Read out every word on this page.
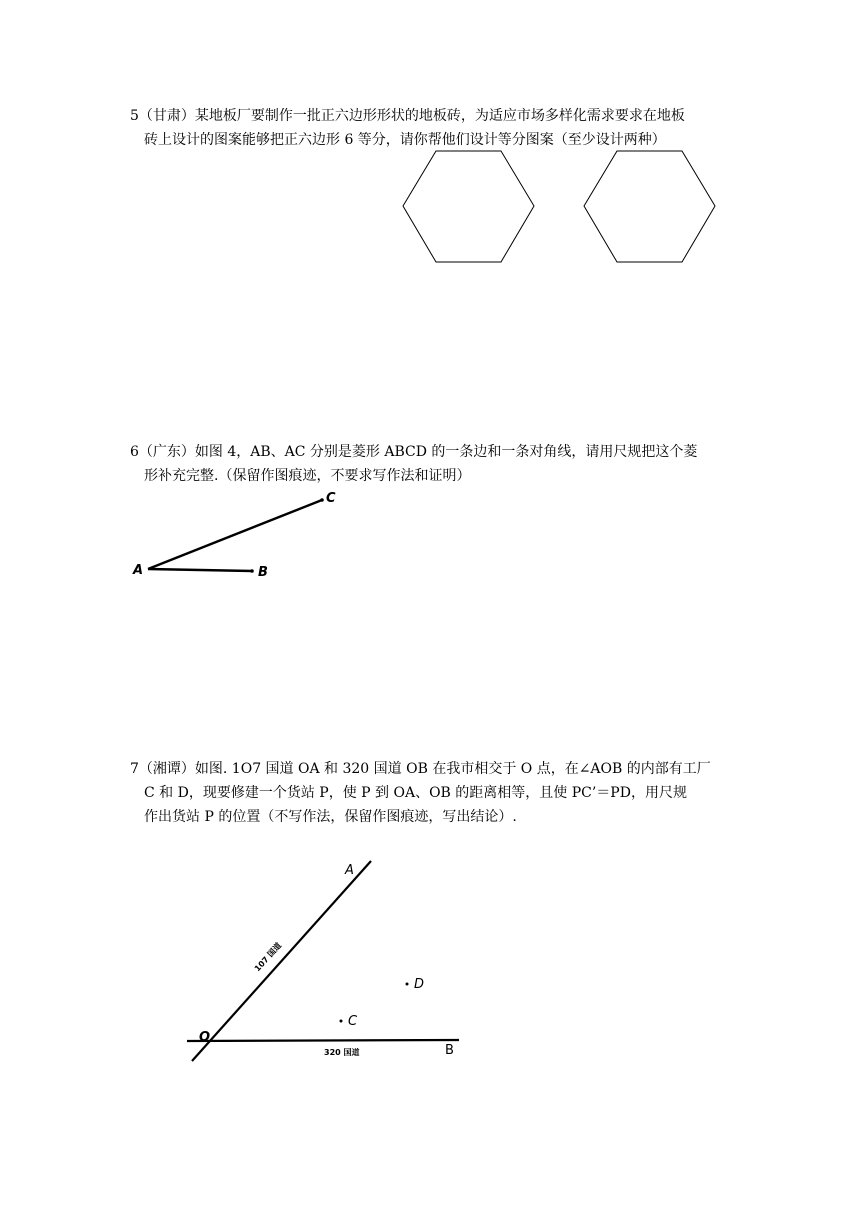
5（甘肃）某地板厂要制作一批正六边形形状的地板砖，为适应市场多样化需求要求在地板
砖上设计的图案能够把正六边形 6 等分，请你帮他们设计等分图案（至少设计两种）
6（广东）如图 4，AB、AC 分别是菱形 ABCD 的一条边和一条对角线，请用尺规把这个菱
形补充完整.（保留作图痕迹，不要求写作法和证明）
7（湘谭）如图. 1O7 国道 OA 和 320 国道 OB 在我市相交于 O 点，在∠AOB 的内部有工厂
C 和 D，现要修建一个货站 P，使 P 到 OA、OB 的距离相等，且使 PC’＝PD，用尺规
作出货站 P 的位置（不写作法，保留作图痕迹，写出结论）.
A	B
C
107 国道
320 国道
A
B
O
C
D
